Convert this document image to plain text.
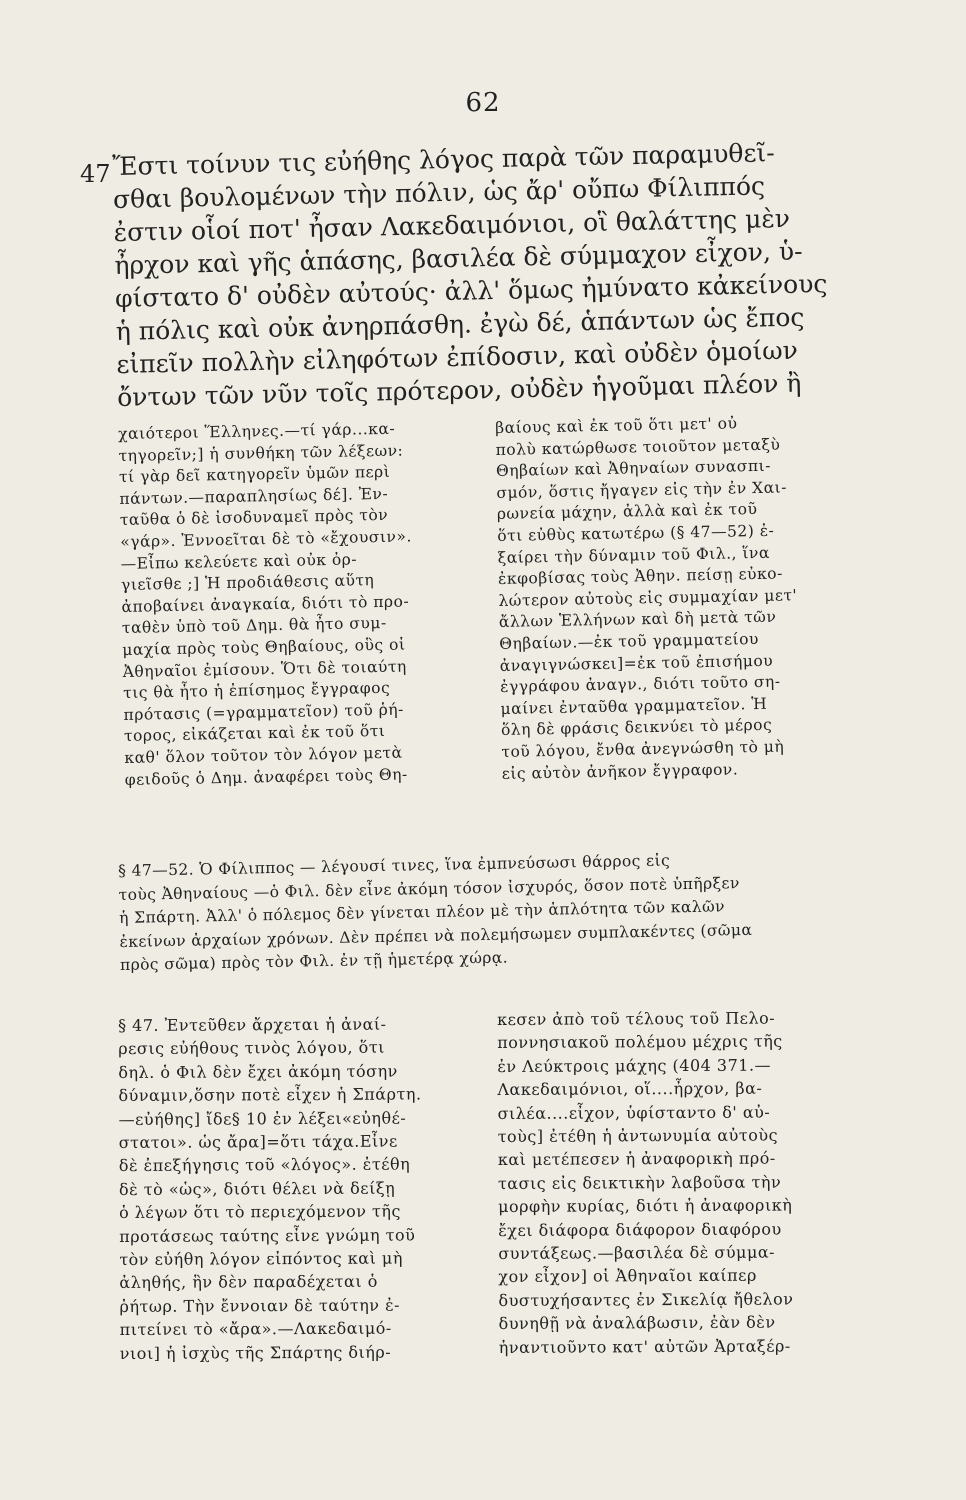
62
47 Ἔστι τοίνυν τις εὐήθης λόγος παρὰ τῶν παραμυθεῖ-
σθαι βουλομένων τὴν πόλιν, ὡς ἄρ' οὔπω Φίλιππός
ἐστιν οἷοί ποτ' ἦσαν Λακεδαιμόνιοι, οἳ θαλάττης μὲν
ἦρχον καὶ γῆς ἁπάσης, βασιλέα δὲ σύμμαχον εἶχον, ὑ-
φίστατο δ' οὐδὲν αὐτούς· ἀλλ' ὅμως ἠμύνατο κἀκείνους
ἡ πόλις καὶ οὐκ ἀνηρπάσθη. ἐγὼ δέ, ἁπάντων ὡς ἔπος
εἰπεῖν πολλὴν εἰληφότων ἐπίδοσιν, καὶ οὐδὲν ὁμοίων
ὄντων τῶν νῦν τοῖς πρότερον, οὐδὲν ἡγοῦμαι πλέον ἢ
χαιότεροι Ἕλληνες.—τί γάρ...κα-
τηγορεῖν;] ἡ συνθήκη τῶν λέξεων:
τί γὰρ δεῖ κατηγορεῖν ὑμῶν περὶ
πάντων.—παραπλησίως δέ]. Ἐν-
ταῦθα ὁ δὲ ἰσοδυναμεῖ πρὸς τὸν
«γάρ». Ἐννοεῖται δὲ τὸ «ἔχουσιν».
—Εἶπω κελεύετε καὶ οὐκ ὀρ-
γιεῖσθε ;] Ἡ προδιάθεσις αὕτη
ἀποβαίνει ἀναγκαία, διότι τὸ προ-
ταθὲν ὑπὸ τοῦ Δημ. θὰ ἦτο συμ-
μαχία πρὸς τοὺς Θηβαίους, οὓς οἱ
Ἀθηναῖοι ἐμίσουν. Ὅτι δὲ τοιαύτη
τις θὰ ἦτο ἡ ἐπίσημος ἔγγραφος
πρότασις (=γραμματεῖον) τοῦ ῥή-
τορος, εἰκάζεται καὶ ἐκ τοῦ ὅτι
καθ' ὅλον τοῦτον τὸν λόγον μετὰ
φειδοῦς ὁ Δημ. ἀναφέρει τοὺς Θη-
βαίους καὶ ἐκ τοῦ ὅτι μετ' οὐ
πολὺ κατώρθωσε τοιοῦτον μεταξὺ
Θηβαίων καὶ Ἀθηναίων συνασπι-
σμόν, ὅστις ἤγαγεν εἰς τὴν ἐν Χαι-
ρωνεία μάχην, ἀλλὰ καὶ ἐκ τοῦ
ὅτι εὐθὺς κατωτέρω (§ 47—52) ἐ-
ξαίρει τὴν δύναμιν τοῦ Φιλ., ἵνα
ἐκφοβίσας τοὺς Ἀθην. πείσῃ εὐκο-
λώτερον αὐτοὺς εἰς συμμαχίαν μετ'
ἄλλων Ἑλλήνων καὶ δὴ μετὰ τῶν
Θηβαίων.—ἐκ τοῦ γραμματείου
ἀναγιγνώσκει]=ἐκ τοῦ ἐπισήμου
ἐγγράφου ἀναγν., διότι τοῦτο ση-
μαίνει ἐνταῦθα γραμματεῖον. Ἡ
ὅλη δὲ φράσις δεικνύει τὸ μέρος
τοῦ λόγου, ἔνθα ἀνεγνώσθη τὸ μὴ
εἰς αὐτὸν ἀνῆκον ἔγγραφον.
§ 47—52. Ὁ Φίλιππος — λέγουσί τινες, ἵνα ἐμπνεύσωσι θάρρος εἰς
τοὺς Ἀθηναίους —ὁ Φιλ. δὲν εἶνε ἀκόμη τόσον ἰσχυρός, ὅσον ποτὲ ὑπῆρξεν
ἡ Σπάρτη. Ἀλλ' ὁ πόλεμος δὲν γίνεται πλέον μὲ τὴν ἁπλότητα τῶν καλῶν
ἐκείνων ἀρχαίων χρόνων. Δὲν πρέπει νὰ πολεμήσωμεν συμπλακέντες (σῶμα
πρὸς σῶμα) πρὸς τὸν Φιλ. ἐν τῇ ἡμετέρᾳ χώρᾳ.
§ 47. Ἐντεῦθεν ἄρχεται ἡ ἀναί-
ρεσις εὐήθους τινὸς λόγου, ὅτι
δηλ. ὁ Φιλ δὲν ἔχει ἀκόμη τόσην
δύναμιν,ὅσην ποτὲ εἶχεν ἡ Σπάρτη.
—εὐήθης] ἴδε§ 10 ἐν λέξει«εὐηθέ-
στατοι». ὡς ἄρα]=ὅτι τάχα.Εἶνε
δὲ ἐπεξήγησις τοῦ «λόγος». ἐτέθη
δὲ τὸ «ὡς», διότι θέλει νὰ δείξῃ
ὁ λέγων ὅτι τὸ περιεχόμενον τῆς
προτάσεως ταύτης εἶνε γνώμη τοῦ
τὸν εὐήθη λόγον εἰπόντος καὶ μὴ
ἀληθής, ἣν δὲν παραδέχεται ὁ
ῥήτωρ. Τὴν ἔννοιαν δὲ ταύτην ἐ-
πιτείνει τὸ «ἄρα».—Λακεδαιμό-
νιοι] ἡ ἰσχὺς τῆς Σπάρτης διήρ-
κεσεν ἀπὸ τοῦ τέλους τοῦ Πελο-
ποννησιακοῦ πολέμου μέχρις τῆς
ἐν Λεύκτροις μάχης (404 371.—
Λακεδαιμόνιοι, οἵ....ἦρχον, βα-
σιλέα....εἶχον, ὑφίσταντο δ' αὐ-
τοὺς] ἐτέθη ἡ ἀντωνυμία αὐτοὺς
καὶ μετέπεσεν ἡ ἀναφορικὴ πρό-
τασις εἰς δεικτικὴν λαβοῦσα τὴν
μορφὴν κυρίας, διότι ἡ ἀναφορικὴ
ἔχει διάφορα διάφορον διαφόρου
συντάξεως.—βασιλέα δὲ σύμμα-
χον εἶχον] οἱ Ἀθηναῖοι καίπερ
δυστυχήσαντες ἐν Σικελίᾳ ἤθελον
δυνηθῇ νὰ ἀναλάβωσιν, ἐὰν δὲν
ἠναντιοῦντο κατ' αὐτῶν Ἀρταξέρ-
